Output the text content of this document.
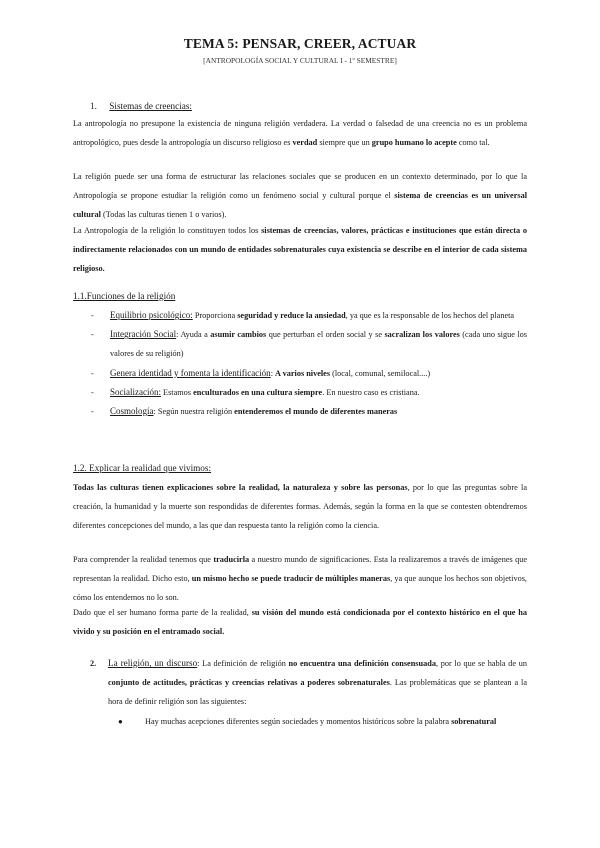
TEMA 5: PENSAR, CREER, ACTUAR
[ANTROPOLOGÍA SOCIAL Y CULTURAL I - 1º SEMESTRE]
1. Sistemas de creencias:

La antropología no presupone la existencia de ninguna religión verdadera. La verdad o falsedad de una creencia no es un problema antropológico, pues desde la antropología un discurso religioso es verdad siempre que un grupo humano lo acepte como tal.

La religión puede ser una forma de estructurar las relaciones sociales que se producen en un contexto determinado, por lo que la Antropología se propone estudiar la religión como un fenómeno social y cultural porque el sistema de creencias es un universal cultural (Todas las culturas tienen 1 o varios).

La Antropología de la religión lo constituyen todos los sistemas de creencias, valores, prácticas e instituciones que están directa o indirectamente relacionados con un mundo de entidades sobrenaturales cuya existencia se describe en el interior de cada sistema religioso.

1.1.Funciones de la religión
- Equilibrio psicológico: Proporciona seguridad y reduce la ansiedad, ya que es la responsable de los hechos del planeta
- Integración Social: Ayuda a asumir cambios que perturban el orden social y se sacralizan los valores (cada uno sigue los valores de su religión)
- Genera identidad y fomenta la identificación: A varios niveles (local, comunal, semilocal....)
- Socialización: Estamos enculturados en una cultura siempre. En nuestro caso es cristiana.
- Cosmología: Según nuestra religión entenderemos el mundo de diferentes maneras
1.2. Explicar la realidad que vivimos:

Todas las culturas tienen explicaciones sobre la realidad, la naturaleza y sobre las personas, por lo que las preguntas sobre la creación, la humanidad y la muerte son respondidas de diferentes formas. Además, según la forma en la que se contesten obtendremos diferentes concepciones del mundo, a las que dan respuesta tanto la religión como la ciencia.

Para comprender la realidad tenemos que traducirla a nuestro mundo de significaciones. Esta la realizaremos a través de imágenes que representan la realidad. Dicho esto, un mismo hecho se puede traducir de múltiples maneras, ya que aunque los hechos son objetivos, cómo los entendemos no lo son.

Dado que el ser humano forma parte de la realidad, su visión del mundo está condicionada por el contexto histórico en el que ha vivido y su posición en el entramado social.

2.	La religión, un discurso: La definición de religión no encuentra una definición consensuada, por lo que se habla de un conjunto de actitudes, prácticas y creencias relativas a poderes sobrenaturales. Las problemáticas que se plantean a la hora de definir religión son las siguientes:
●	Hay muchas acepciones diferentes según sociedades y momentos históricos sobre la palabra sobrenatural
